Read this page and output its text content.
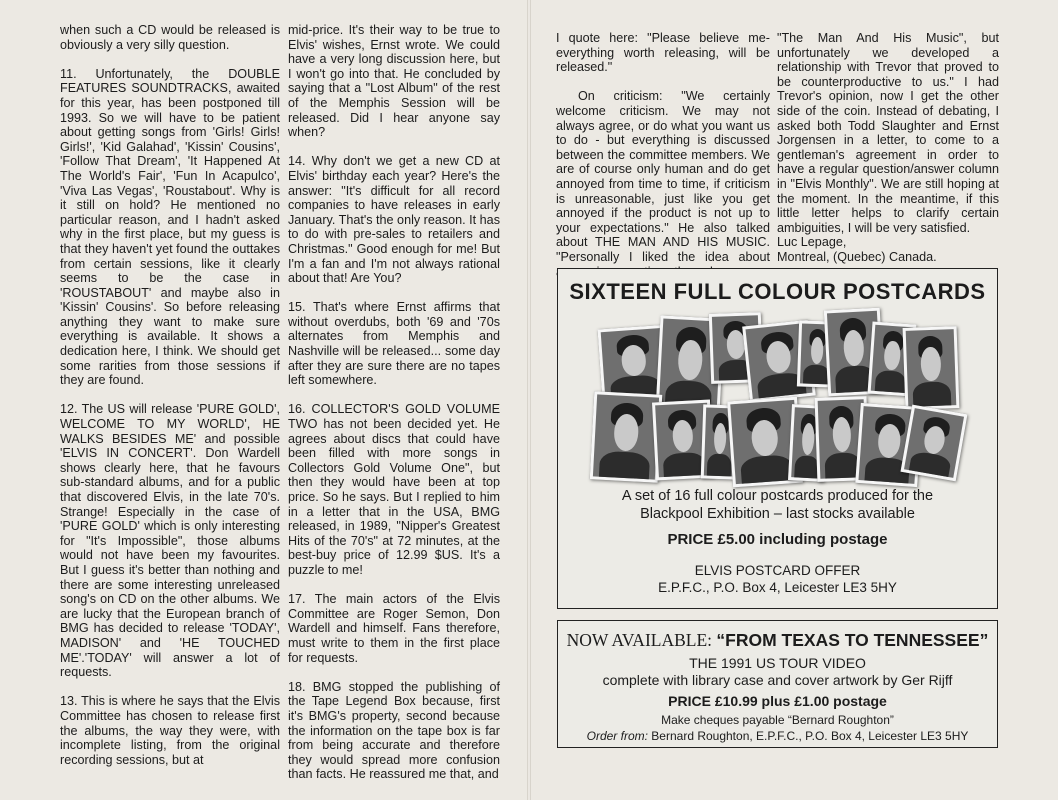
when such a CD would be released is obviously a very silly question.

11. Unfortunately, the DOUBLE FEATURES SOUNDTRACKS, awaited for this year, has been postponed till 1993. So we will have to be patient about getting songs from 'Girls! Girls! Girls!', 'Kid Galahad', 'Kissin' Cousins', 'Follow That Dream', 'It Happened At The World's Fair', 'Fun In Acapulco', 'Viva Las Vegas', 'Roustabout'. Why is it still on hold? He mentioned no particular reason, and I hadn't asked why in the first place, but my guess is that they haven't yet found the outtakes from certain sessions, like it clearly seems to be the case in 'ROUSTABOUT' and maybe also in 'Kissin' Cousins'. So before releasing anything they want to make sure everything is available. It shows a dedication here, I think. We should get some rarities from those sessions if they are found.

12. The US will release 'PURE GOLD', WELCOME TO MY WORLD', HE WALKS BESIDES ME' and possible 'ELVIS IN CONCERT'. Don Wardell shows clearly here, that he favours sub-standard albums, and for a public that discovered Elvis, in the late 70's. Strange! Especially in the case of 'PURE GOLD' which is only interesting for "It's Impossible", those albums would not have been my favourites. But I guess it's better than nothing and there are some interesting unreleased song's on CD on the other albums. We are lucky that the European branch of BMG has decided to release 'TODAY', MADISON' and 'HE TOUCHED ME'.'TODAY' will answer a lot of requests.

13. This is where he says that the Elvis Committee has chosen to release first the albums, the way they were, with incomplete listing, from the original recording sessions, but at

mid-price. It's their way to be true to Elvis' wishes, Ernst wrote. We could have a very long discussion here, but I won't go into that. He concluded by saying that a "Lost Album" of the rest of the Memphis Session will be released. Did I hear anyone say when?

14. Why don't we get a new CD at Elvis' birthday each year? Here's the answer: "It's difficult for all record companies to have releases in early January. That's the only reason. It has to do with pre-sales to retailers and Christmas." Good enough for me! But I'm a fan and I'm not always rational about that! Are You?

15. That's where Ernst affirms that without overdubs, both '69 and '70s alternates from Memphis and Nashville will be released... some day after they are sure there are no tapes left somewhere.

16. COLLECTOR'S GOLD VOLUME TWO has not been decided yet. He agrees about discs that could have been filled with more songs in Collectors Gold Volume One", but then they would have been at top price. So he says. But I replied to him in a letter that in the USA, BMG released, in 1989, "Nipper's Greatest Hits of the 70's" at 72 minutes, at the best-buy price of 12.99 $US. It's a puzzle to me!

17. The main actors of the Elvis Committee are Roger Semon, Don Wardell and himself. Fans therefore, must write to them in the first place for requests.

18. BMG stopped the publishing of the Tape Legend Box because, first it's BMG's property, second because the information on the tape box is far from being accurate and therefore they would spread more confusion than facts. He reassured me that, and

I quote here: "Please believe me-everything worth releasing, will be released."

On criticism: "We certainly welcome criticism. We may not always agree, or do what you want us to do - but everything is discussed between the committee members. We are of course only human and do get annoyed from time to time, if criticism is unreasonable, just like you get annoyed if the product is not up to your expectations." He also talked about THE MAN AND HIS MUSIC. "Personally I liked the idea about

"The Man And His Music", but unfortunately we developed a relationship with Trevor that proved to be counterproductive to us." I had Trevor's opinion, now I get the other side of the coin. Instead of debating, I asked both Todd Slaughter and Ernst Jorgensen in a letter, to come to a gentleman's agreement in order to have a regular question/answer column in "Elvis Monthly". We are still hoping at the moment. In the meantime, if this little letter helps to clarify certain ambiguities, I will be very satisfied.

Luc Lepage,
Montreal, (Quebec) Canada.
SIXTEEN FULL COLOUR POSTCARDS
A set of 16 full colour postcards produced for the
Blackpool Exhibition – last stocks available
PRICE £5.00 including postage
ELVIS POSTCARD OFFER
E.P.F.C., P.O. Box 4, Leicester LE3 5HY
NOW AVAILABLE: “FROM TEXAS TO TENNESSEE”
THE 1991 US TOUR VIDEO
complete with library case and cover artwork by Ger Rijff
PRICE £10.99 plus £1.00 postage
Make cheques payable “Bernard Roughton”
Order from: Bernard Roughton, E.P.F.C., P.O. Box 4, Leicester LE3 5HY
